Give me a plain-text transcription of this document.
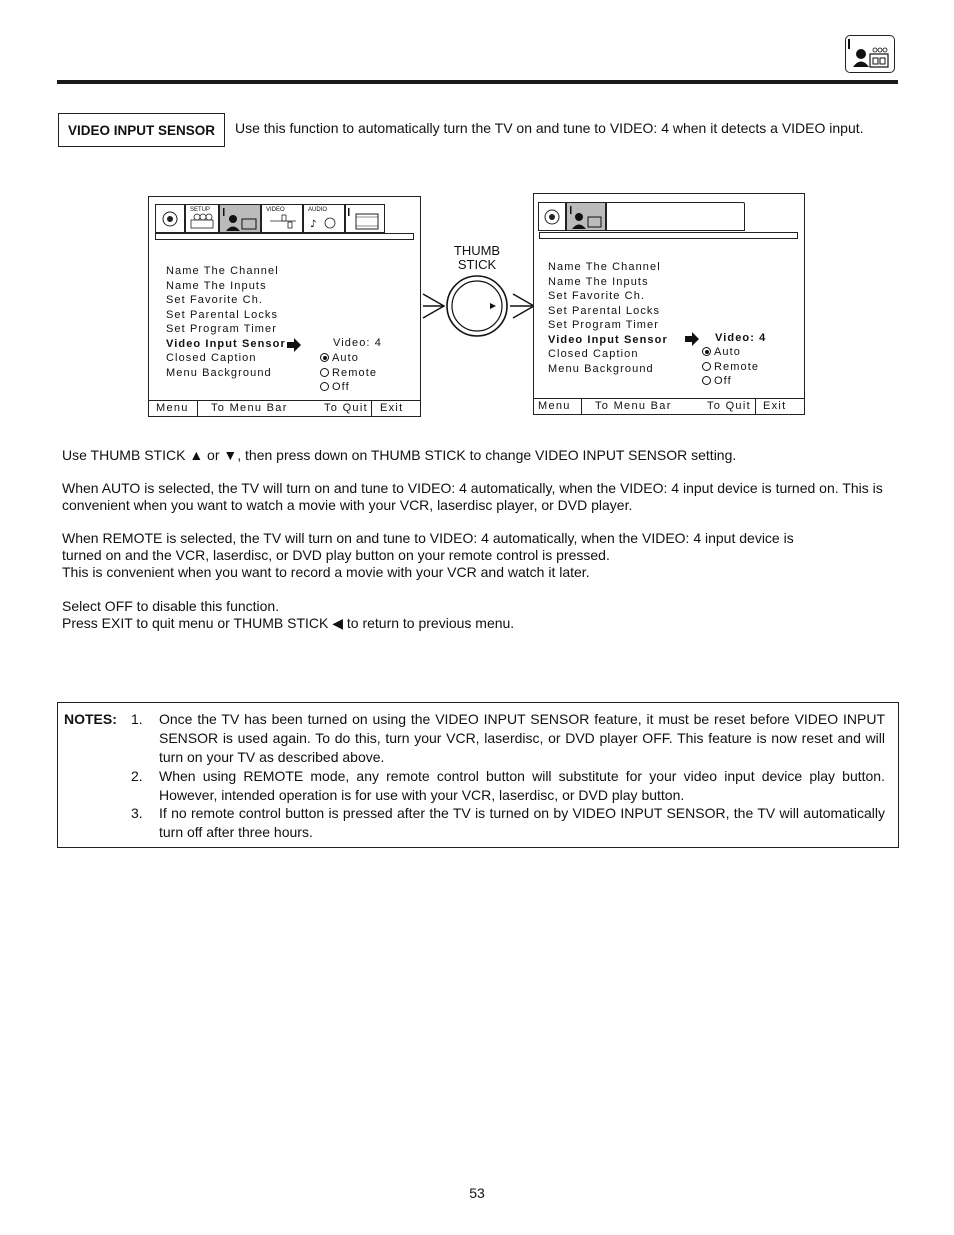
VIDEO INPUT SENSOR	Use this function to automatically turn the TV on and tune to VIDEO: 4 when it detects a VIDEO input.
SETUP	VIDEO	AUDIO
♪
Name The Channel
Name The Inputs
Set Favorite Ch.
Set Parental Locks
Set Program Timer
Video Input Sensor
Closed Caption
Menu Background
Video: 4
Auto
Remote
Off
Menu To Menu Bar	To Quit Exit
THUMB
STICK	Name The Channel
Name The Inputs
Set Favorite Ch.
Set Parental Locks
Set Program Timer
Video Input Sensor
Closed Caption
Menu Background
Video: 4
Auto
Remote
Off
Menu To Menu Bar	To Quit Exit
Use THUMB STICK ▲ or ▼, then press down on THUMB STICK to change VIDEO INPUT SENSOR setting.
When AUTO is selected, the TV will turn on and tune to VIDEO: 4 automatically, when the VIDEO: 4 input device is turned on. This is
convenient when you want to watch a movie with your VCR, laserdisc player, or DVD player.
When REMOTE is selected, the TV will turn on and tune to VIDEO: 4 automatically, when the VIDEO: 4 input device is
turned on and the VCR, laserdisc, or DVD play button on your remote control is pressed.
This is convenient when you want to record a movie with your VCR and watch it later.
Select OFF to disable this function.
Press EXIT to quit menu or THUMB STICK ◀ to return to previous menu.
NOTES: 1. Once the TV has been turned on using the VIDEO INPUT SENSOR feature, it must be reset before VIDEO INPUT SENSOR is used again. To do this, turn your VCR, laserdisc, or DVD player OFF. This feature is now reset and will turn on your TV as described above.
2. When using REMOTE mode, any remote control button will substitute for your video input device play button. However, intended operation is for use with your VCR, laserdisc, or DVD play button.
3. If no remote control button is pressed after the TV is turned on by VIDEO INPUT SENSOR, the TV will automatically turn off after three hours.
53
